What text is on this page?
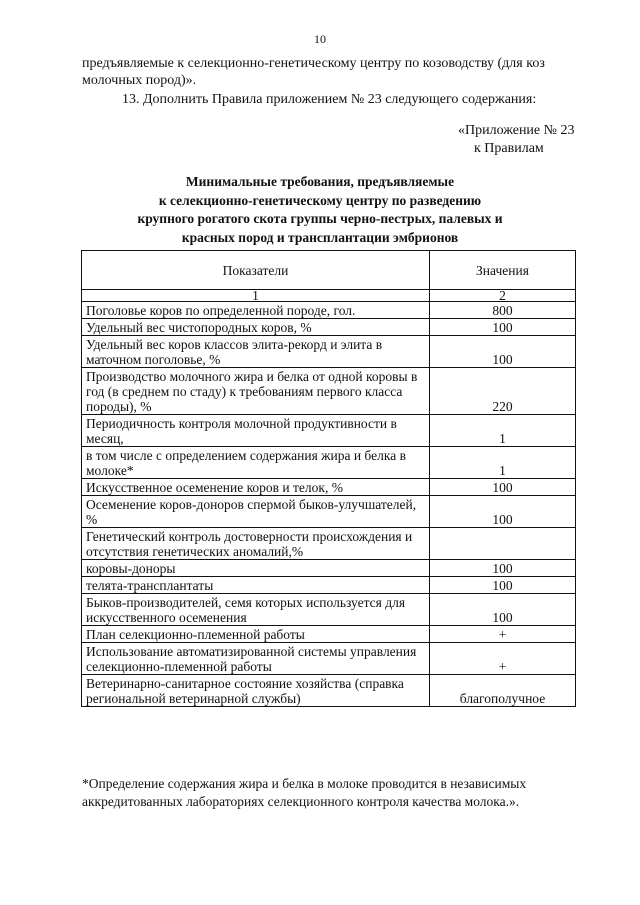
10

предъявляемые к селекционно-генетическому центру по козоводству (для коз молочных пород)».

13. Дополнить Правила приложением № 23 следующего содержания:

«Приложение № 23
к Правилам
Минимальные требования, предъявляемые
к селекционно-генетическому центру по разведению
крупного рогатого скота группы черно-пестрых, палевых и
красных пород и трансплантации эмбрионов
Показатели	Значения
1	2
Поголовье коров по определенной породе, гол.	800
Удельный вес чистопородных коров, %	100
Удельный вес коров классов элита-рекорд и элита в маточном поголовье, %	100
Производство молочного жира и белка от одной коровы в год (в среднем по стаду) к требованиям первого класса породы), %	220
Периодичность контроля молочной продуктивности в месяц,	1
в том числе с определением содержания жира и белка в молоке*	1
Искусственное осеменение коров и телок, %	100
Осеменение коров-доноров спермой быков-улучшателей, %	100
Генетический контроль достоверности происхождения и отсутствия генетических аномалий,%	
коровы-доноры	100
телята-трансплантаты	100
Быков-производителей, семя которых используется для искусственного осеменения	100
План селекционно-племенной работы	+
Использование автоматизированной системы управления селекционно-племенной работы	+
Ветеринарно-санитарное состояние хозяйства (справка региональной ветеринарной службы)	благополучное
*Определение содержания жира и белка в молоке проводится в независимых аккредитованных лабораториях селекционного контроля качества молока.».
